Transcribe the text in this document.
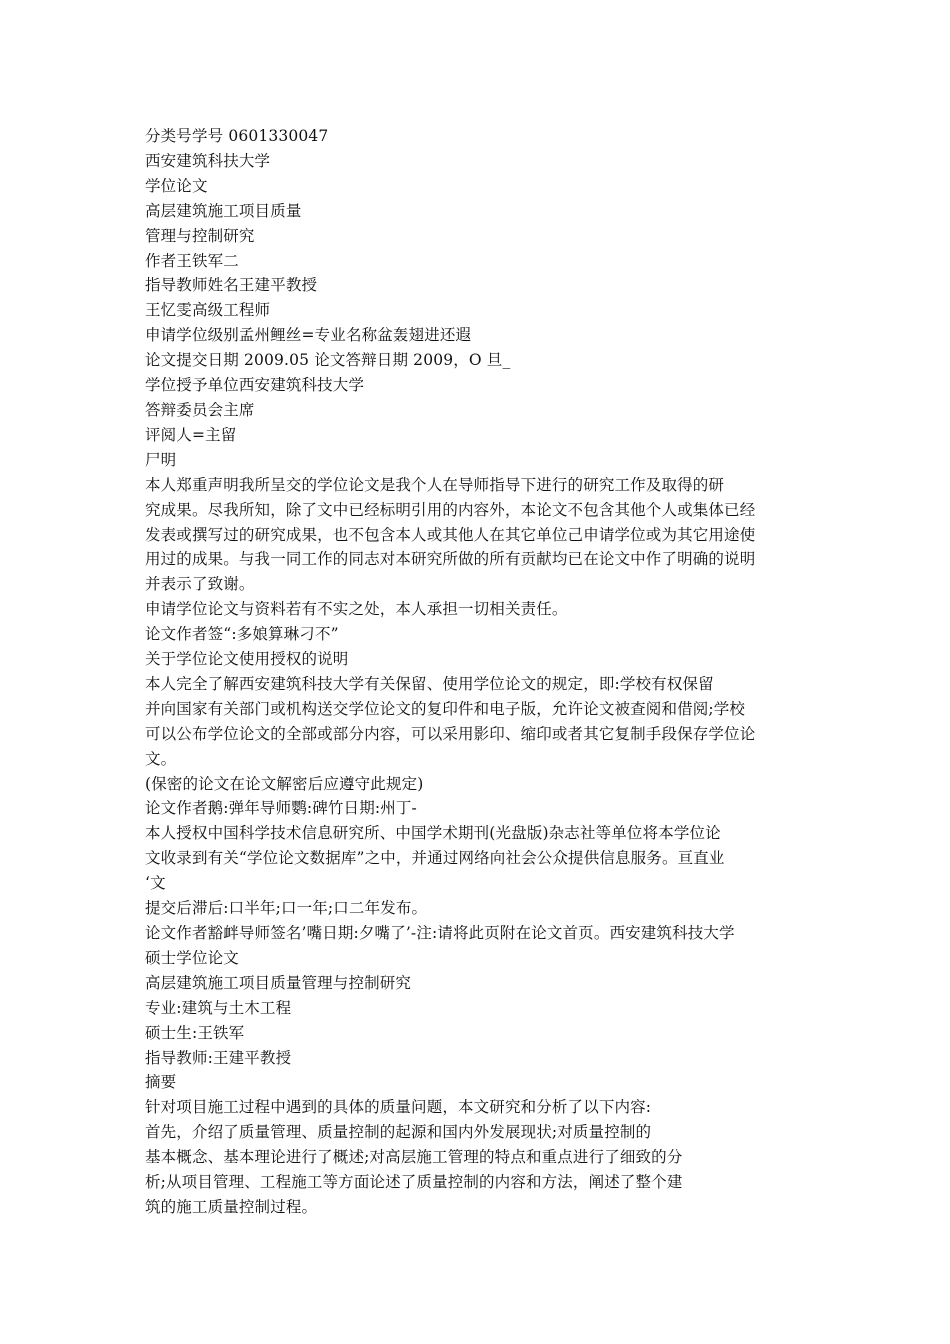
分类号学号 0601330047
西安建筑科扶大学
学位论文
高层建筑施工项目质量
管理与控制研究
作者王铁军二
指导教师姓名王建平教授
王忆雯高级工程师
申请学位级别孟州鲤丝=专业名称盆轰翅进还遐
论文提交日期 2009.05 论文答辩日期 2009，O 旦_
学位授予单位西安建筑科技大学
答辩委员会主席
评阅人=主留
尸明
本人郑重声明我所呈交的学位论文是我个人在导师指导下进行的研究工作及取得的研
究成果。尽我所知，除了文中已经标明引用的内容外，本论文不包含其他个人或集体已经
发表或撰写过的研究成果，也不包含本人或其他人在其它单位己申请学位或为其它用途使
用过的成果。与我一同工作的同志对本研究所做的所有贡献均已在论文中作了明确的说明
并表示了致谢。
申请学位论文与资料若有不实之处，本人承担一切相关责任。
论文作者签“:多娘算琳刁不”
关于学位论文使用授权的说明
本人完全了解西安建筑科技大学有关保留、使用学位论文的规定，即:学校有权保留
并向国家有关部门或机构送交学位论文的复印件和电子版，允许论文被查阅和借阅;学校
可以公布学位论文的全部或部分内容，可以采用影印、缩印或者其它复制手段保存学位论
文。
(保密的论文在论文解密后应遵守此规定)
论文作者鹅:弹年导师鹦:碑竹日期:州丁-
本人授权中国科学技术信息研究所、中国学术期刊(光盘版)杂志社等单位将本学位论
文收录到有关“学位论文数据库”之中，并通过网络向社会公众提供信息服务。亘直业
‘文
提交后滞后:口半年;口一年;口二年发布。
论文作者豁衅导师签名’嘴日期:夕嘴了’-注:请将此页附在论文首页。西安建筑科技大学
硕士学位论文
高层建筑施工项目质量管理与控制研究
专业:建筑与土木工程
硕士生:王铁军
指导教师:王建平教授
摘要
针对项目施工过程中遇到的具体的质量问题，本文研究和分析了以下内容:
首先，介绍了质量管理、质量控制的起源和国内外发展现状;对质量控制的
基本概念、基本理论进行了概述;对高层施工管理的特点和重点进行了细致的分
析;从项目管理、工程施工等方面论述了质量控制的内容和方法，阐述了整个建
筑的施工质量控制过程。
